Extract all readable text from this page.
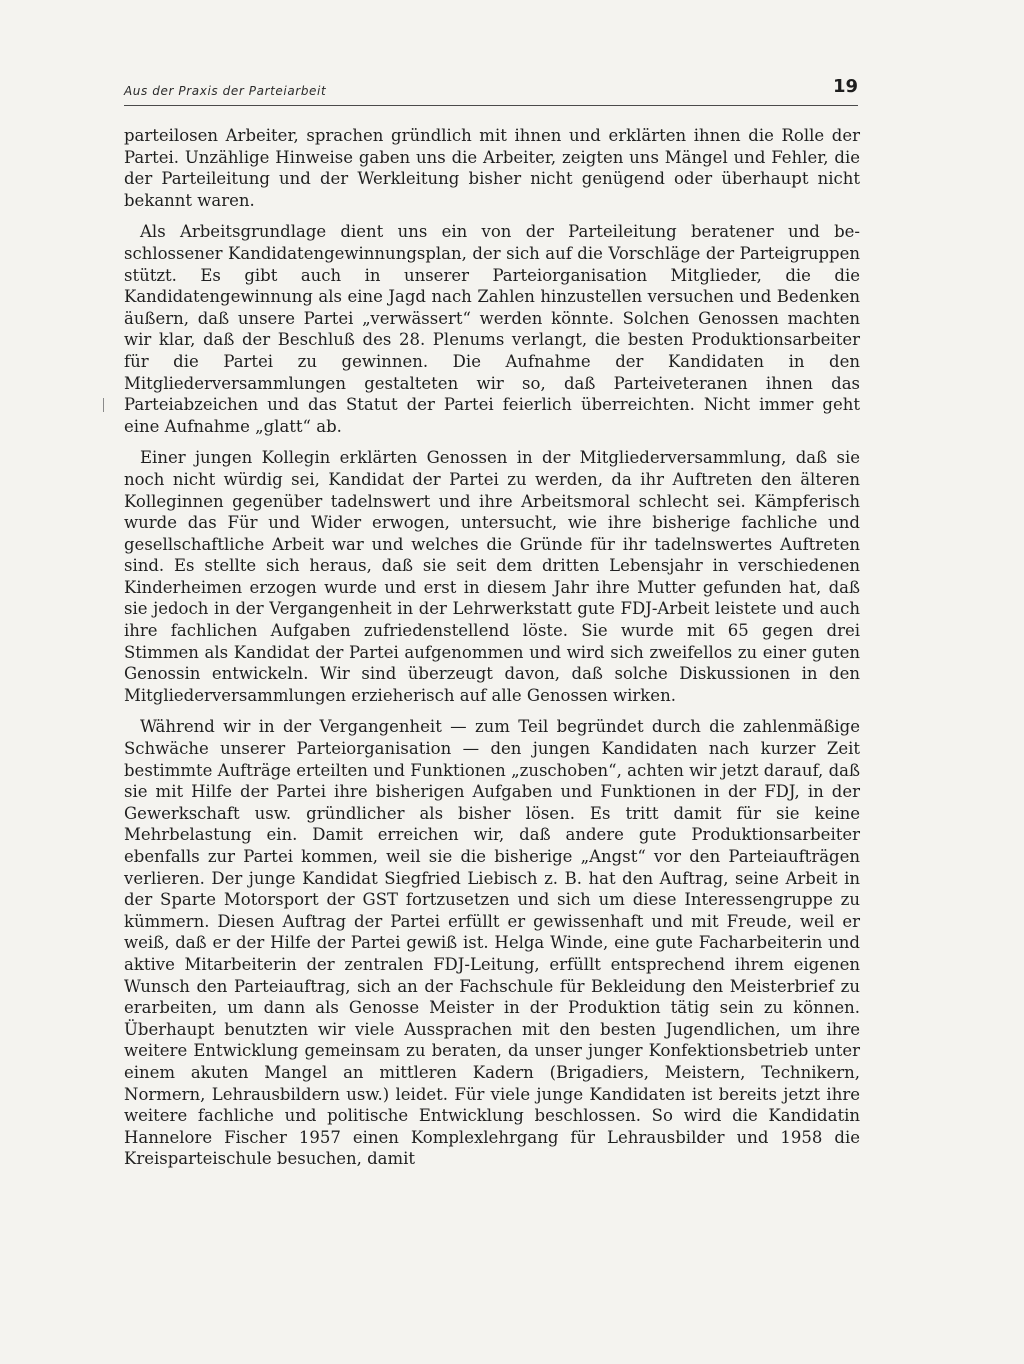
Aus der Praxis der Parteiarbeit	19

parteilosen Arbeiter, sprachen gründlich mit ihnen und erklärten ihnen die Rolle der Partei. Unzählige Hinweise gaben uns die Arbeiter, zeigten uns Mängel und Fehler, die der Parteileitung und der Werkleitung bisher nicht genügend oder überhaupt nicht bekannt waren.

Als Arbeitsgrundlage dient uns ein von der Parteileitung beratener und beschlossener Kandidatengewinnungsplan, der sich auf die Vorschläge der Parteigruppen stützt. Es gibt auch in unserer Parteiorganisation Mitglieder, die die Kandidatengewinnung als eine Jagd nach Zahlen hinzustellen versuchen und Bedenken äußern, daß unsere Partei „verwässert“ werden könnte. Solchen Genossen machten wir klar, daß der Beschluß des 28. Plenums verlangt, die besten Produktionsarbeiter für die Partei zu gewinnen. Die Aufnahme der Kandidaten in den Mitgliederversammlungen gestalteten wir so, daß Parteiveteranen ihnen das Parteiabzeichen und das Statut der Partei feierlich überreichten. Nicht immer geht eine Aufnahme „glatt“ ab.

Einer jungen Kollegin erklärten Genossen in der Mitgliederversammlung, daß sie noch nicht würdig sei, Kandidat der Partei zu werden, da ihr Auftreten den älteren Kolleginnen gegenüber tadelnswert und ihre Arbeitsmoral schlecht sei. Kämpferisch wurde das Für und Wider erwogen, untersucht, wie ihre bisherige fachliche und gesellschaftliche Arbeit war und welches die Gründe für ihr tadelnswertes Auftreten sind. Es stellte sich heraus, daß sie seit dem dritten Lebensjahr in verschiedenen Kinderheimen erzogen wurde und erst in diesem Jahr ihre Mutter gefunden hat, daß sie jedoch in der Vergangenheit in der Lehrwerkstatt gute FDJ-Arbeit leistete und auch ihre fachlichen Aufgaben zufriedenstellend löste. Sie wurde mit 65 gegen drei Stimmen als Kandidat der Partei aufgenommen und wird sich zweifellos zu einer guten Genossin entwickeln. Wir sind überzeugt davon, daß solche Diskussionen in den Mitgliederversammlungen erzieherisch auf alle Genossen wirken.

Während wir in der Vergangenheit — zum Teil begründet durch die zahlenmäßige Schwäche unserer Parteiorganisation — den jungen Kandidaten nach kurzer Zeit bestimmte Aufträge erteilten und Funktionen „zuschoben“, achten wir jetzt darauf, daß sie mit Hilfe der Partei ihre bisherigen Aufgaben und Funktionen in der FDJ, in der Gewerkschaft usw. gründlicher als bisher lösen. Es tritt damit für sie keine Mehrbelastung ein. Damit erreichen wir, daß andere gute Produktionsarbeiter ebenfalls zur Partei kommen, weil sie die bisherige „Angst“ vor den Parteiaufträgen verlieren. Der junge Kandidat Siegfried Liebisch z. B. hat den Auftrag, seine Arbeit in der Sparte Motorsport der GST fortzusetzen und sich um diese Interessengruppe zu kümmern. Diesen Auftrag der Partei erfüllt er gewissenhaft und mit Freude, weil er weiß, daß er der Hilfe der Partei gewiß ist. Helga Winde, eine gute Facharbeiterin und aktive Mitarbeiterin der zentralen FDJ-Leitung, erfüllt entsprechend ihrem eigenen Wunsch den Parteiauftrag, sich an der Fachschule für Bekleidung den Meisterbrief zu erarbeiten, um dann als Genosse Meister in der Produktion tätig sein zu können. Überhaupt benutzten wir viele Aussprachen mit den besten Jugendlichen, um ihre weitere Entwicklung gemeinsam zu beraten, da unser junger Konfektionsbetrieb unter einem akuten Mangel an mittleren Kadern (Brigadiers, Meistern, Technikern, Normern, Lehrausbildern usw.) leidet. Für viele junge Kandidaten ist bereits jetzt ihre weitere fachliche und politische Entwicklung beschlossen. So wird die Kandidatin Hannelore Fischer 1957 einen Komplexlehrgang für Lehrausbilder und 1958 die Kreisparteischule besuchen, damit
